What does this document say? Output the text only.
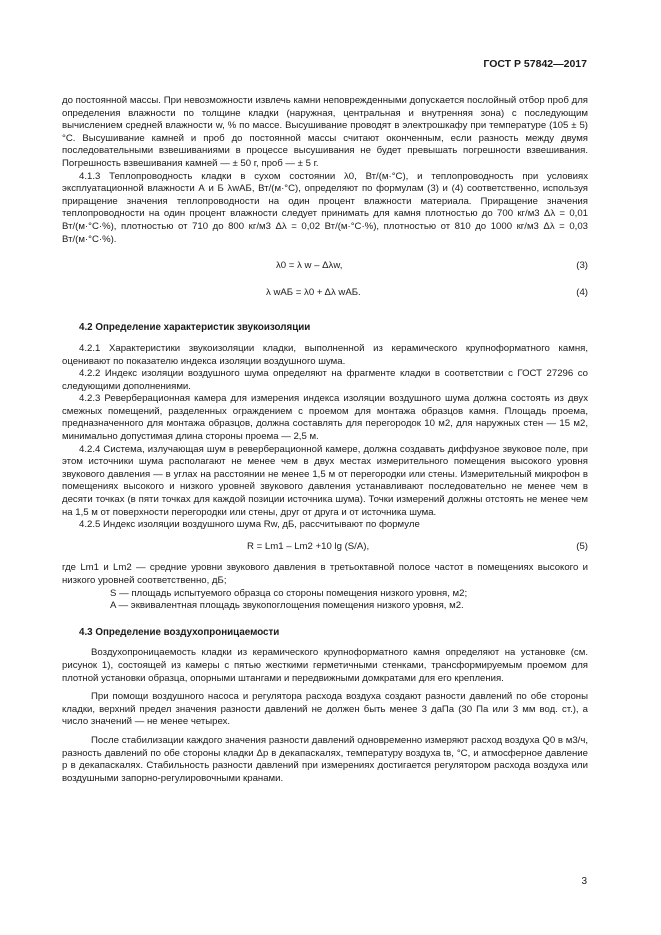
ГОСТ Р 57842—2017

до постоянной массы. При невозможности извлечь камни неповрежденными допускается послойный отбор проб для определения влажности по толщине кладки (наружная, центральная и внутренняя зона) с последующим вычислением средней влажности w, % по массе. Высушивание проводят в электрошкафу при температуре (105 ± 5) °С. Высушивание камней и проб до постоянной массы считают оконченным, если разность между двумя последовательными взвешиваниями в процессе высушивания не будет превышать погрешности взвешивания. Погрешность взвешивания камней — ± 50 г, проб — ± 5 г.

4.1.3 Теплопроводность кладки в сухом состоянии λ0, Вт/(м·°С), и теплопроводность при условиях эксплуатационной влажности А и Б λwАБ, Вт/(м·°С), определяют по формулам (3) и (4) соответственно, используя приращение значения теплопроводности на один процент влажности материала. Приращение значения теплопроводности на один процент влажности следует принимать для камня плотностью до 700 кг/м3 Δλ = 0,01 Вт/(м·°С·%), плотностью от 710 до 800 кг/м3 Δλ = 0,02 Вт/(м·°С·%), плотностью от 810 до 1000 кг/м3 Δλ = 0,03 Вт/(м·°С·%).

λ0 = λ w – Δλw,	(3)
λ wАБ = λ0 + Δλ wАБ.	(4)
4.2 Определение характеристик звукоизоляции

4.2.1 Характеристики звукоизоляции кладки, выполненной из керамического крупноформатного камня, оценивают по показателю индекса изоляции воздушного шума.

4.2.2 Индекс изоляции воздушного шума определяют на фрагменте кладки в соответствии с ГОСТ 27296 со следующими дополнениями.

4.2.3 Реверберационная камера для измерения индекса изоляции воздушного шума должна состоять из двух смежных помещений, разделенных ограждением с проемом для монтажа образцов камня. Площадь проема, предназначенного для монтажа образцов, должна составлять для перегородок 10 м2, для наружных стен — 15 м2, минимально допустимая длина стороны проема — 2,5 м.

4.2.4 Система, излучающая шум в реверберационной камере, должна создавать диффузное звуковое поле, при этом источники шума располагают не менее чем в двух местах измерительного помещения высокого уровня звукового давления — в углах на расстоянии не менее 1,5 м от перегородки или стены. Измерительный микрофон в помещениях высокого и низкого уровней звукового давления устанавливают последовательно не менее чем в десяти точках (в пяти точках для каждой позиции источника шума). Точки измерений должны отстоять не менее чем на 1,5 м от поверхности перегородки или стены, друг от друга и от источника шума.

4.2.5 Индекс изоляции воздушного шума Rw, дБ, рассчитывают по формуле

R = Lm1 – Lm2 +10 lg (S/A),	(5)

где Lm1 и Lm2 — средние уровни звукового давления в третьоктавной полосе частот в помещениях высокого и низкого уровней соответственно, дБ;

S — площадь испытуемого образца со стороны помещения низкого уровня, м2;

A — эквивалентная площадь звукопоглощения помещения низкого уровня, м2.

4.3 Определение воздухопроницаемости

Воздухопроницаемость кладки из керамического крупноформатного камня определяют на установке (см. рисунок 1), состоящей из камеры с пятью жесткими герметичными стенками, трансформируемым проемом для плотной установки образца, опорными штангами и передвижными домкратами для его крепления.

При помощи воздушного насоса и регулятора расхода воздуха создают разности давлений по обе стороны кладки, верхний предел значения разности давлений не должен быть менее 3 даПа (30 Па или 3 мм вод. ст.), а число значений — не менее четырех.

После стабилизации каждого значения разности давлений одновременно измеряют расход воздуха Q0 в м3/ч, разность давлений по обе стороны кладки Δp в декапаскалях, температуру воздуха tв, °С, и атмосферное давление p в декапаскалях. Стабильность разности давлений при измерениях достигается регулятором расхода воздуха или воздушными запорно-регулировочными кранами.

3
